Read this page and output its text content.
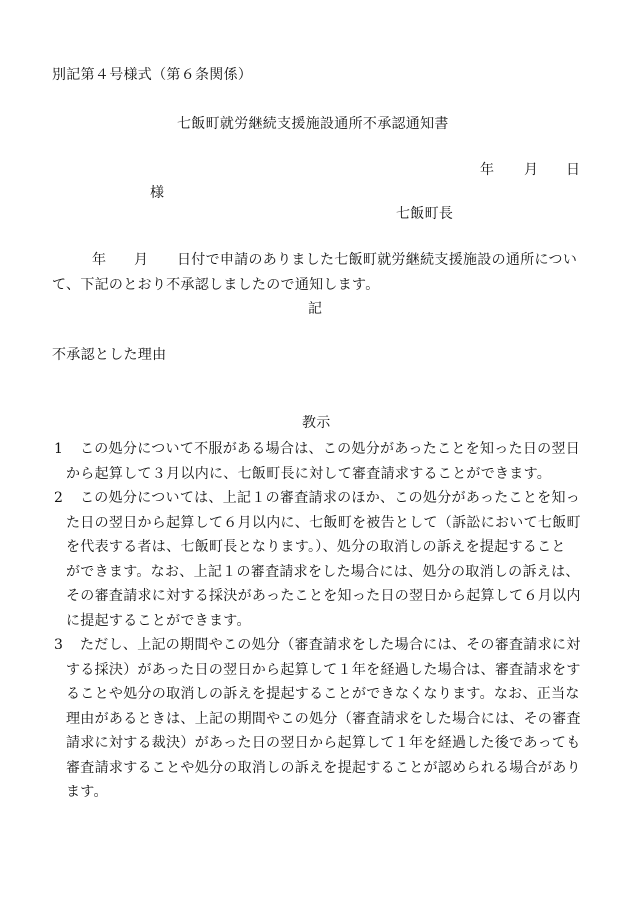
別記第４号様式（第６条関係）
七飯町就労継続支援施設通所不承認通知書
年 月 日
様
七飯町長
年 月 日付で申請のありました七飯町就労継続支援施設の通所につい
て、下記のとおり不承認しましたので通知します。
記
不承認とした理由
教示
1 この処分について不服がある場合は、この処分があったことを知った日の翌日
から起算して３月以内に、七飯町長に対して審査請求することができます。
2 この処分については、上記１の審査請求のほか、この処分があったことを知っ
た日の翌日から起算して６月以内に、七飯町を被告として（訴訟において七飯町
を代表する者は、七飯町長となります。）、処分の取消しの訴えを提起すること
ができます。なお、上記１の審査請求をした場合には、処分の取消しの訴えは、
その審査請求に対する採決があったことを知った日の翌日から起算して６月以内
に提起することができます。
3 ただし、上記の期間やこの処分（審査請求をした場合には、その審査請求に対
する採決）があった日の翌日から起算して１年を経過した場合は、審査請求をす
ることや処分の取消しの訴えを提起することができなくなります。なお、正当な
理由があるときは、上記の期間やこの処分（審査請求をした場合には、その審査
請求に対する裁決）があった日の翌日から起算して１年を経過した後であっても
審査請求することや処分の取消しの訴えを提起することが認められる場合があり
ます。
